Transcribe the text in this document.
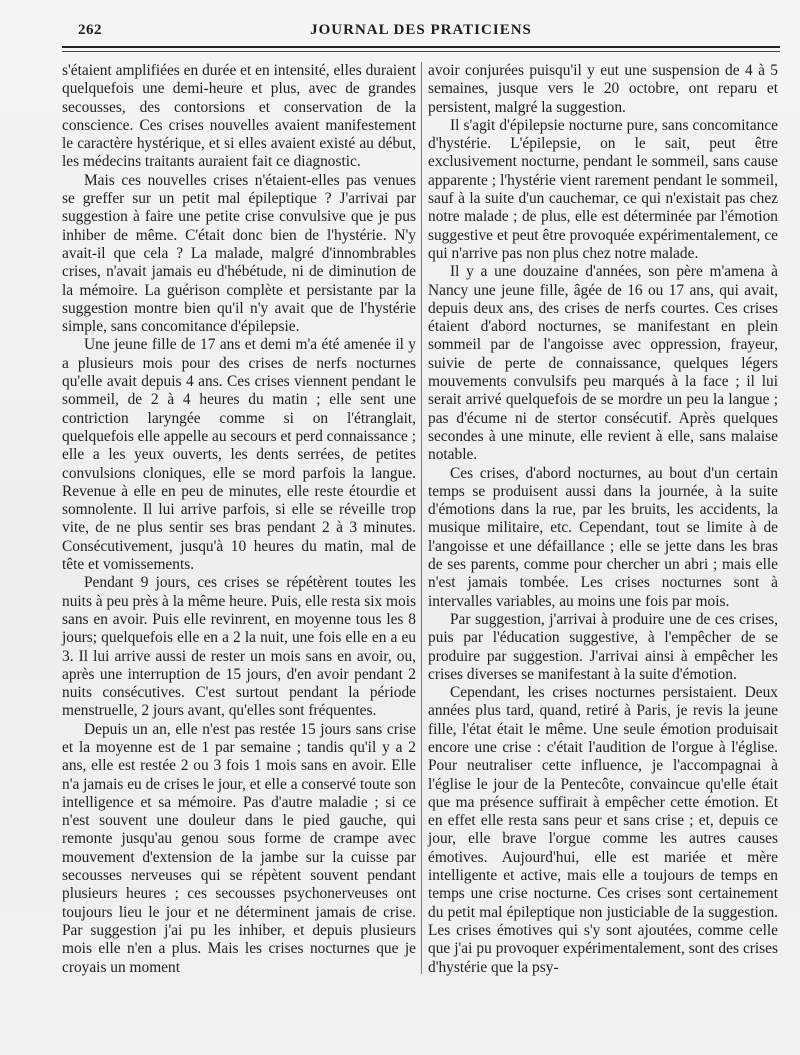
262	JOURNAL DES PRATICIENS

s'étaient amplifiées en durée et en intensité, elles duraient quelquefois une demi-heure et plus, avec de grandes secousses, des contorsions et conservation de la conscience. Ces crises nouvelles avaient manifestement le caractère hystérique, et si elles avaient existé au début, les médecins traitants auraient fait ce diagnostic.

Mais ces nouvelles crises n'étaient-elles pas venues se greffer sur un petit mal épileptique ? J'arrivai par suggestion à faire une petite crise convulsive que je pus inhiber de même. C'était donc bien de l'hystérie. N'y avait-il que cela ? La malade, malgré d'innombrables crises, n'avait jamais eu d'hébétude, ni de diminution de la mémoire. La guérison complète et persistante par la suggestion montre bien qu'il n'y avait que de l'hystérie simple, sans concomitance d'épilepsie.

Une jeune fille de 17 ans et demi m'a été amenée il y a plusieurs mois pour des crises de nerfs nocturnes qu'elle avait depuis 4 ans. Ces crises viennent pendant le sommeil, de 2 à 4 heures du matin ; elle sent une contriction laryngée comme si on l'étranglait, quelquefois elle appelle au secours et perd connaissance ; elle a les yeux ouverts, les dents serrées, de petites convulsions cloniques, elle se mord parfois la langue. Revenue à elle en peu de minutes, elle reste étourdie et somnolente. Il lui arrive parfois, si elle se réveille trop vite, de ne plus sentir ses bras pendant 2 à 3 minutes. Consécutivement, jusqu'à 10 heures du matin, mal de tête et vomissements.

Pendant 9 jours, ces crises se répétèrent toutes les nuits à peu près à la même heure. Puis, elle resta six mois sans en avoir. Puis elle revinrent, en moyenne tous les 8 jours; quelquefois elle en a 2 la nuit, une fois elle en a eu 3. Il lui arrive aussi de rester un mois sans en avoir, ou, après une interruption de 15 jours, d'en avoir pendant 2 nuits consécutives. C'est surtout pendant la période menstruelle, 2 jours avant, qu'elles sont fréquentes.

Depuis un an, elle n'est pas restée 15 jours sans crise et la moyenne est de 1 par semaine ; tandis qu'il y a 2 ans, elle est restée 2 ou 3 fois 1 mois sans en avoir. Elle n'a jamais eu de crises le jour, et elle a conservé toute son intelligence et sa mémoire. Pas d'autre maladie ; si ce n'est souvent une douleur dans le pied gauche, qui remonte jusqu'au genou sous forme de crampe avec mouvement d'extension de la jambe sur la cuisse par secousses nerveuses qui se répètent souvent pendant plusieurs heures ; ces secousses psychonerveuses ont toujours lieu le jour et ne déterminent jamais de crise. Par suggestion j'ai pu les inhiber, et depuis plusieurs mois elle n'en a plus. Mais les crises nocturnes que je croyais un moment

avoir conjurées puisqu'il y eut une suspension de 4 à 5 semaines, jusque vers le 20 octobre, ont reparu et persistent, malgré la suggestion.

Il s'agit d'épilepsie nocturne pure, sans concomitance d'hystérie. L'épilepsie, on le sait, peut être exclusivement nocturne, pendant le sommeil, sans cause apparente ; l'hystérie vient rarement pendant le sommeil, sauf à la suite d'un cauchemar, ce qui n'existait pas chez notre malade ; de plus, elle est déterminée par l'émotion suggestive et peut être provoquée expérimentalement, ce qui n'arrive pas non plus chez notre malade.

Il y a une douzaine d'années, son père m'amena à Nancy une jeune fille, âgée de 16 ou 17 ans, qui avait, depuis deux ans, des crises de nerfs courtes. Ces crises étaient d'abord nocturnes, se manifestant en plein sommeil par de l'angoisse avec oppression, frayeur, suivie de perte de connaissance, quelques légers mouvements convulsifs peu marqués à la face ; il lui serait arrivé quelquefois de se mordre un peu la langue ; pas d'écume ni de stertor consécutif. Après quelques secondes à une minute, elle revient à elle, sans malaise notable.

Ces crises, d'abord nocturnes, au bout d'un certain temps se produisent aussi dans la journée, à la suite d'émotions dans la rue, par les bruits, les accidents, la musique militaire, etc. Cependant, tout se limite à de l'angoisse et une défaillance ; elle se jette dans les bras de ses parents, comme pour chercher un abri ; mais elle n'est jamais tombée. Les crises nocturnes sont à intervalles variables, au moins une fois par mois.

Par suggestion, j'arrivai à produire une de ces crises, puis par l'éducation suggestive, à l'empêcher de se produire par suggestion. J'arrivai ainsi à empêcher les crises diverses se manifestant à la suite d'émotion.

Cependant, les crises nocturnes persistaient. Deux années plus tard, quand, retiré à Paris, je revis la jeune fille, l'état était le même. Une seule émotion produisait encore une crise : c'était l'audition de l'orgue à l'église. Pour neutraliser cette influence, je l'accompagnai à l'église le jour de la Pentecôte, convaincue qu'elle était que ma présence suffirait à empêcher cette émotion. Et en effet elle resta sans peur et sans crise ; et, depuis ce jour, elle brave l'orgue comme les autres causes émotives. Aujourd'hui, elle est mariée et mère intelligente et active, mais elle a toujours de temps en temps une crise nocturne. Ces crises sont certainement du petit mal épileptique non justiciable de la suggestion. Les crises émotives qui s'y sont ajoutées, comme celle que j'ai pu provoquer expérimentalement, sont des crises d'hystérie que la psy-
